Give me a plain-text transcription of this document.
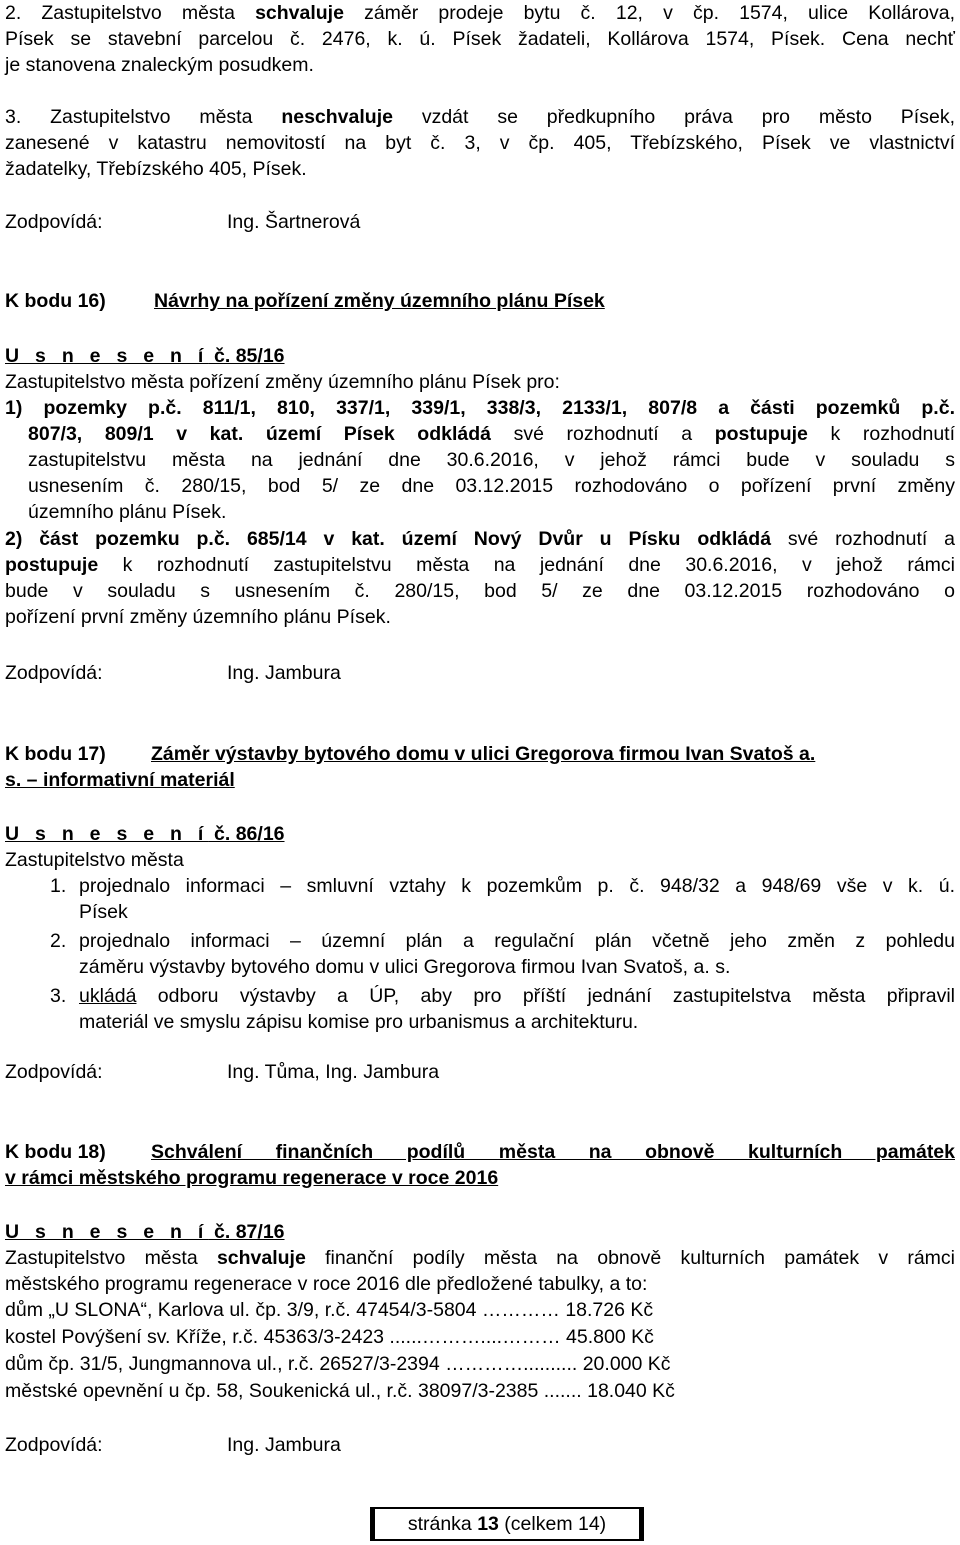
2. Zastupitelstvo města schvaluje záměr prodeje bytu č. 12, v čp. 1574, ulice Kollárova,
Písek se stavební parcelou č. 2476, k. ú. Písek žadateli, Kollárova 1574, Písek. Cena nechť
je stanovena znaleckým posudkem.
3. Zastupitelstvo města neschvaluje vzdát se předkupního práva pro město Písek,
zanesené v katastru nemovitostí na byt č. 3, v čp. 405, Třebízského, Písek ve vlastnictví
žadatelky, Třebízského 405, Písek.
Zodpovídá:	Ing. Šartnerová
K bodu 16) Návrhy na pořízení změny územního plánu Písek
U s n e s e n í č. 85/16
Zastupitelstvo města pořízení změny územního plánu Písek pro:
1) pozemky p.č. 811/1, 810, 337/1, 339/1, 338/3, 2133/1, 807/8 a části pozemků p.č.
807/3, 809/1 v kat. území Písek odkládá své rozhodnutí a postupuje k rozhodnutí
zastupitelstvu města na jednání dne 30.6.2016, v jehož rámci bude v souladu s
usnesením č. 280/15, bod 5/ ze dne 03.12.2015 rozhodováno o pořízení první změny
územního plánu Písek.
2) část pozemku p.č. 685/14 v kat. území Nový Dvůr u Písku odkládá své rozhodnutí a
postupuje k rozhodnutí zastupitelstvu města na jednání dne 30.6.2016, v jehož rámci
bude v souladu s usnesením č. 280/15, bod 5/ ze dne 03.12.2015 rozhodováno o
pořízení první změny územního plánu Písek.
Zodpovídá:	Ing. Jambura
K bodu 17) Záměr výstavby bytového domu v ulici Gregorova firmou Ivan Svatoš a.
s. – informativní materiál
U s n e s e n í č. 86/16
Zastupitelstvo města
1. projednalo informaci – smluvní vztahy k pozemkům p. č. 948/32 a 948/69 vše v k. ú.
Písek
2. projednalo informaci – územní plán a regulační plán včetně jeho změn z pohledu
záměru výstavby bytového domu v ulici Gregorova firmou Ivan Svatoš, a. s.
3. ukládá odboru výstavby a ÚP, aby pro příští jednání zastupitelstva města připravil
materiál ve smyslu zápisu komise pro urbanismus a architekturu.
Zodpovídá:	Ing. Tůma, Ing. Jambura
K bodu 18) Schválení finančních podílů města na obnově kulturních památek
v rámci městského programu regenerace v roce 2016
U s n e s e n í č. 87/16
Zastupitelstvo města schvaluje finanční podíly města na obnově kulturních památek v rámci
městského programu regenerace v roce 2016 dle předložené tabulky, a to:
dům „U SLONA“, Karlova ul. čp. 3/9, r.č. 47454/3-5804 ………… 18.726 Kč
kostel Povýšení sv. Kříže, r.č. 45363/3-2423 ......………....……… 45.800 Kč
dům čp. 31/5, Jungmannova ul., r.č. 26527/3-2394 ………….......... 20.000 Kč
městské opevnění u čp. 58, Soukenická ul., r.č. 38097/3-2385 ....... 18.040 Kč
Zodpovídá:	Ing. Jambura
stránka 13 (celkem 14)
